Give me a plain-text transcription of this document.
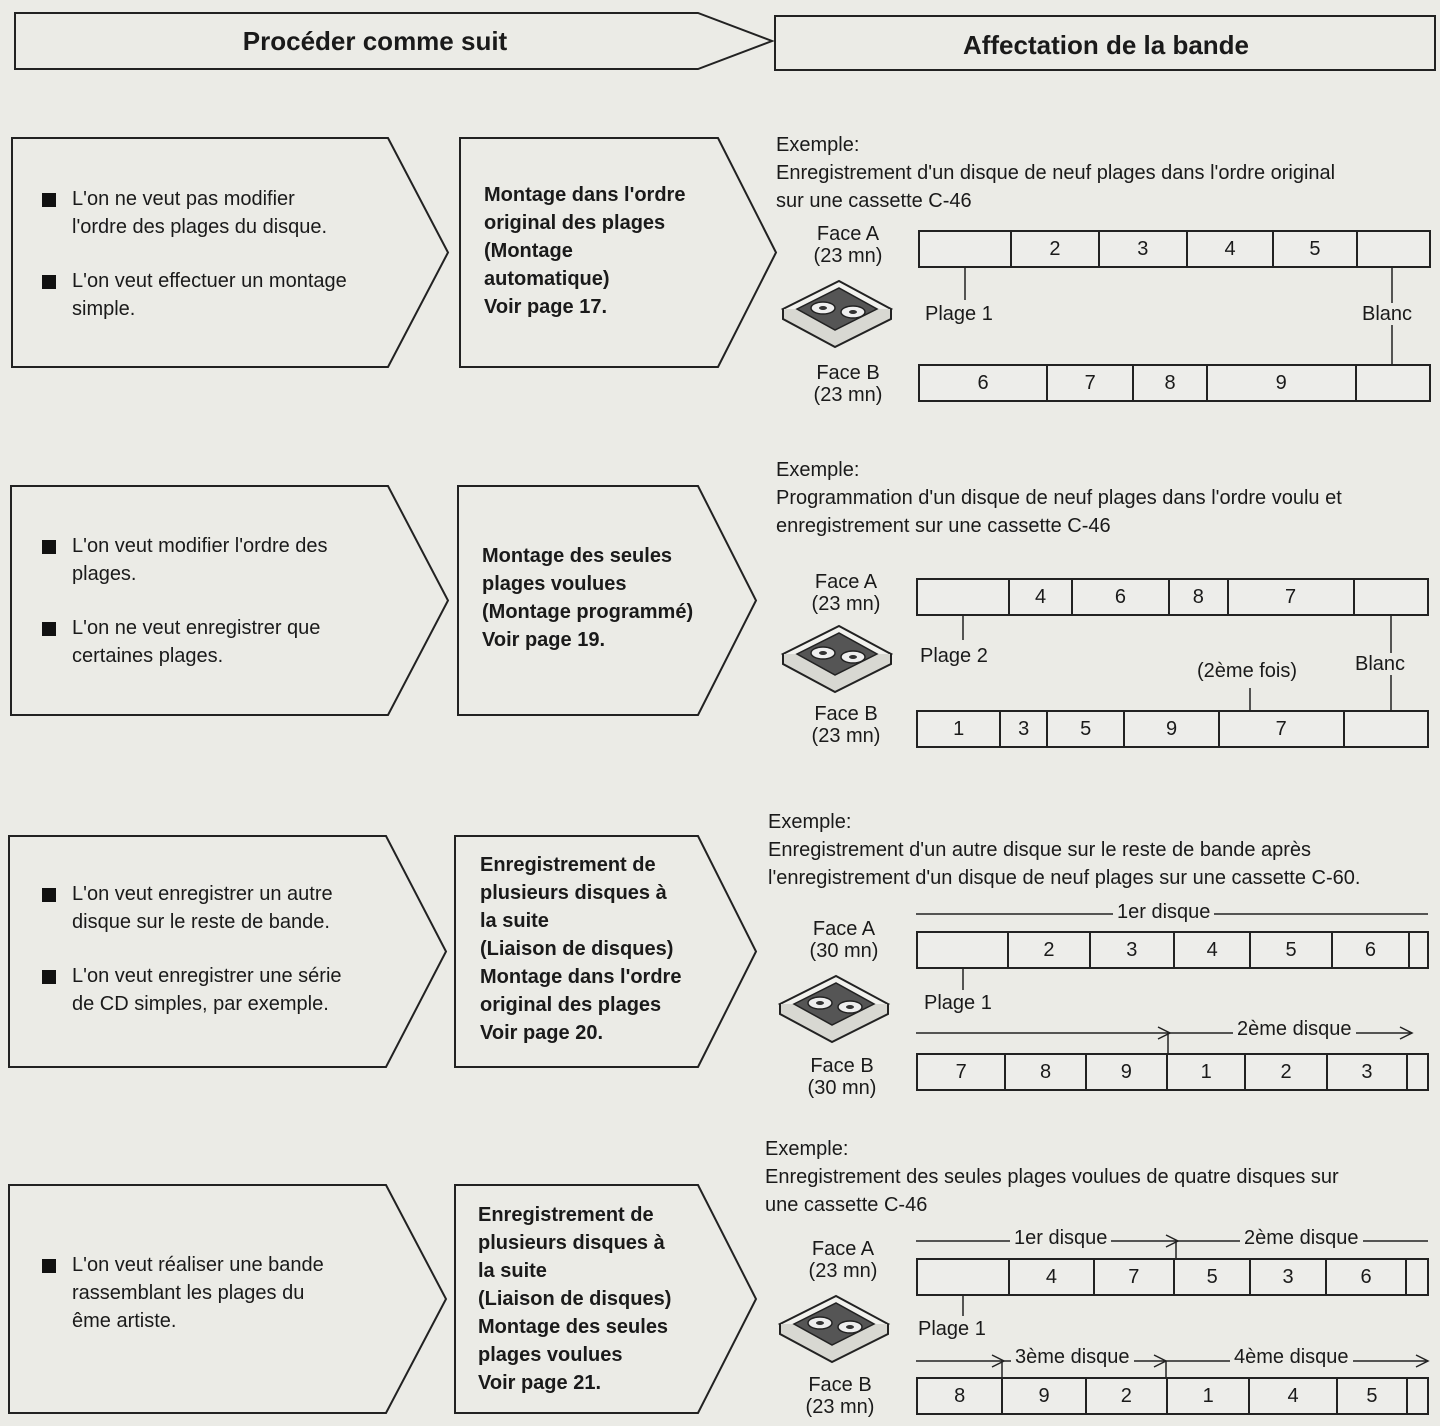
Procéder comme suit	Affectation de la bande
L'on ne veut pas modifier
l'ordre des plages du disque.
L'on veut effectuer un montage
simple.
Montage dans l'ordre
original des plages
(Montage
automatique)
Voir page 17.
Exemple:
Enregistrement d'un disque de neuf plages dans l'ordre original
sur une cassette C-46
Face A
(23 mn)
Face B
(23 mn)
2	3	4	5
6	7	8	9
Plage 1	Blanc
L'on veut modifier l'ordre des
plages.
L'on ne veut enregistrer que
certaines plages.
Montage des seules
plages voulues
(Montage programmé)
Voir page 19.
Exemple:
Programmation d'un disque de neuf plages dans l'ordre voulu et
enregistrement sur une cassette C-46
Face A
(23 mn)
Face B
(23 mn)
4	6	8	7
1	3	5	9	7
Plage 2
(2ème fois)	Blanc
L'on veut enregistrer un autre
disque sur le reste de bande.
L'on veut enregistrer une série
de CD simples, par exemple.
Enregistrement de
plusieurs disques à
la suite
(Liaison de disques)
Montage dans l'ordre
original des plages
Voir page 20.
Exemple:
Enregistrement d'un autre disque sur le reste de bande après
l'enregistrement d'un disque de neuf plages sur une cassette C-60.
Face A
(30 mn)
Face B
(30 mn)
2	3	4	5	6
7	8	9	1	2	3
1er disque
Plage 1
2ème disque
L'on veut réaliser une bande
rassemblant les plages du
ême artiste.
Enregistrement de
plusieurs disques à
la suite
(Liaison de disques)
Montage des seules
plages voulues
Voir page 21.
Exemple:
Enregistrement des seules plages voulues de quatre disques sur
une cassette C-46
Face A
(23 mn)
Face B
(23 mn)
4	7	5	3	6
8	9	2	1	4	5
1er disque	2ème disque
Plage 1
3ème disque	4ème disque
